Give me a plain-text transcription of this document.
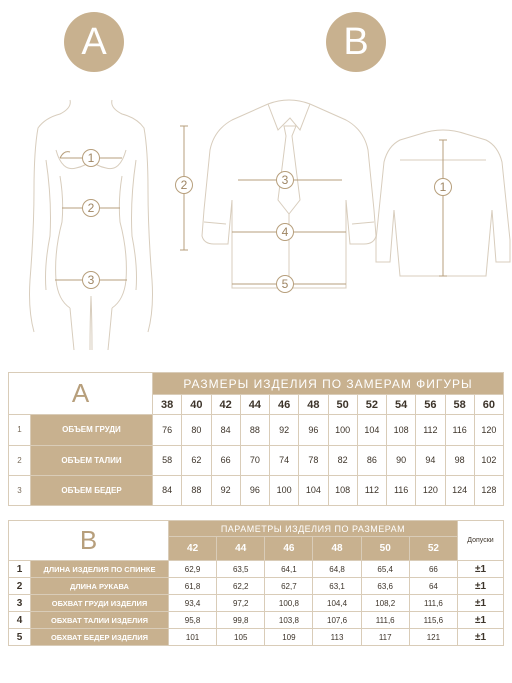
A	B
1
2
3
1
2	3
4
5
A		РАЗМЕРЫ ИЗДЕЛИЯ ПО ЗАМЕРАМ ФИГУРЫ											
		38	40	42	44	46	48	50	52	54	56	58	60
1	ОБЪЕМ ГРУДИ	76	80	84	88	92	96	100	104	108	112	116	120
2	ОБЪЕМ ТАЛИИ	58	62	66	70	74	78	82	86	90	94	98	102
3	ОБЪЕМ БЕДЕР	84	88	92	96	100	104	108	112	116	120	124	128
B		ПАРАМЕТРЫ ИЗДЕЛИЯ ПО РАЗМЕРАМ						Допуски
		42	44	46	48	50	52	
1	ДЛИНА ИЗДЕЛИЯ ПО СПИНКЕ	62,9	63,5	64,1	64,8	65,4	66	±1
2	ДЛИНА РУКАВА	61,8	62,2	62,7	63,1	63,6	64	±1
3	ОБХВАТ ГРУДИ ИЗДЕЛИЯ	93,4	97,2	100,8	104,4	108,2	111,6	±1
4	ОБХВАТ ТАЛИИ ИЗДЕЛИЯ	95,8	99,8	103,8	107,6	111,6	115,6	±1
5	ОБХВАТ БЕДЕР ИЗДЕЛИЯ	101	105	109	113	117	121	±1
